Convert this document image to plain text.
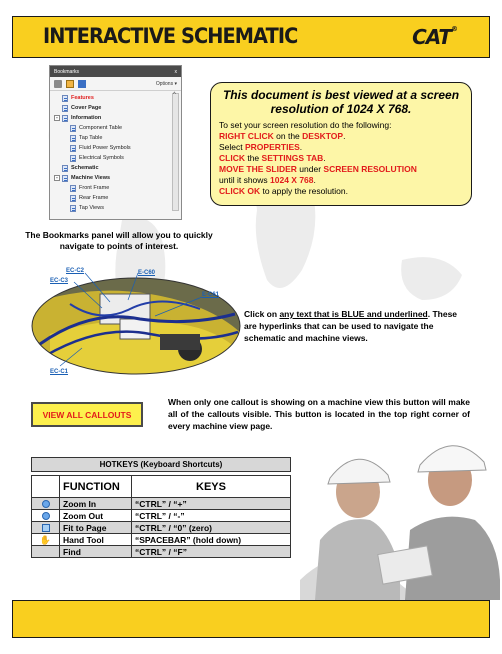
INTERACTIVE SCHEMATIC	CAT®
Bookmarks	x
Options ▾
^
Features
Cover Page
-	Information
Component Table
Tap Table
Fluid Power Symbols
Electrical Symbols
Schematic
-	Machine Views
Front Frame
Rear Frame
Tap Views
The Bookmarks panel will allow you to quickly navigate to points of interest.
This document is best viewed at a screen resolution of 1024 X 768.
To set your screen resolution do the following:
RIGHT CLICK on the DESKTOP.
Select PROPERTIES.
CLICK the SETTINGS TAB.
MOVE THE SLIDER under SCREEN RESOLUTION
until it shows 1024 X 768.
CLICK OK to apply the resolution.
EC-C2
EC-C3
E-C60
E-C61
EC-C1
Click on any text that is BLUE and underlined. These are hyperlinks that can be used to navigate the schematic and machine views.
VIEW ALL CALLOUTS
When only one callout is showing on a machine view this button will make all of the callouts visible. This button is located in the top right corner of every machine view page.
HOTKEYS (Keyboard Shortcuts)
	FUNCTION	KEYS
	Zoom In	“CTRL” / “+”
	Zoom Out	“CTRL” / “-”
	Fit to Page	“CTRL” / “0” (zero)
✋	Hand Tool	“SPACEBAR” (hold down)
	Find	“CTRL” / “F”
